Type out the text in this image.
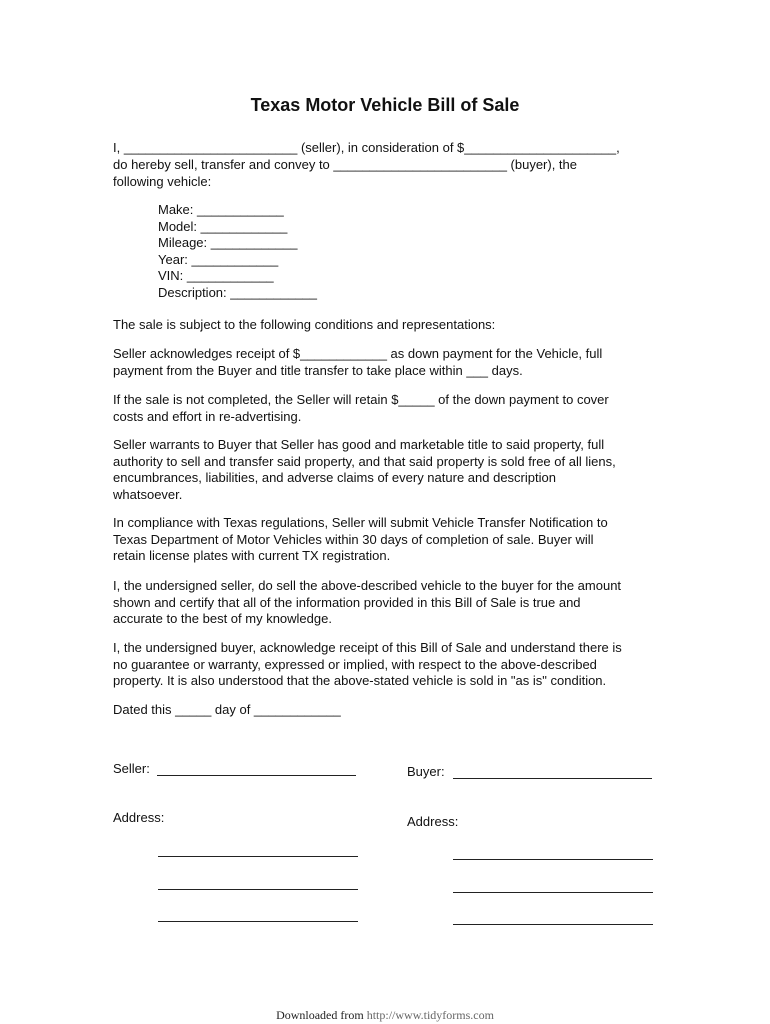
Texas Motor Vehicle Bill of Sale
I, ________________________ (seller), in consideration of $_____________________,
do hereby sell, transfer and convey to ________________________ (buyer), the
following vehicle:
Make: ____________
Model: ____________
Mileage: ____________
Year: ____________
VIN: ____________
Description: ____________
The sale is subject to the following conditions and representations:
Seller acknowledges receipt of $____________ as down payment for the Vehicle, full
payment from the Buyer and title transfer to take place within ___ days.
If the sale is not completed, the Seller will retain $_____ of the down payment to cover
costs and effort in re-advertising.
Seller warrants to Buyer that Seller has good and marketable title to said property, full
authority to sell and transfer said property, and that said property is sold free of all liens,
encumbrances, liabilities, and adverse claims of every nature and description
whatsoever.
In compliance with Texas regulations, Seller will submit Vehicle Transfer Notification to
Texas Department of Motor Vehicles within 30 days of completion of sale. Buyer will
retain license plates with current TX registration.
I, the undersigned seller, do sell the above-described vehicle to the buyer for the amount
shown and certify that all of the information provided in this Bill of Sale is true and
accurate to the best of my knowledge.
I, the undersigned buyer, acknowledge receipt of this Bill of Sale and understand there is
no guarantee or warranty, expressed or implied, with respect to the above-described
property. It is also understood that the above-stated vehicle is sold in "as is" condition.
Dated this _____ day of ____________
Seller:	Buyer:
Address:	Address:
Downloaded from http://www.tidyforms.com
